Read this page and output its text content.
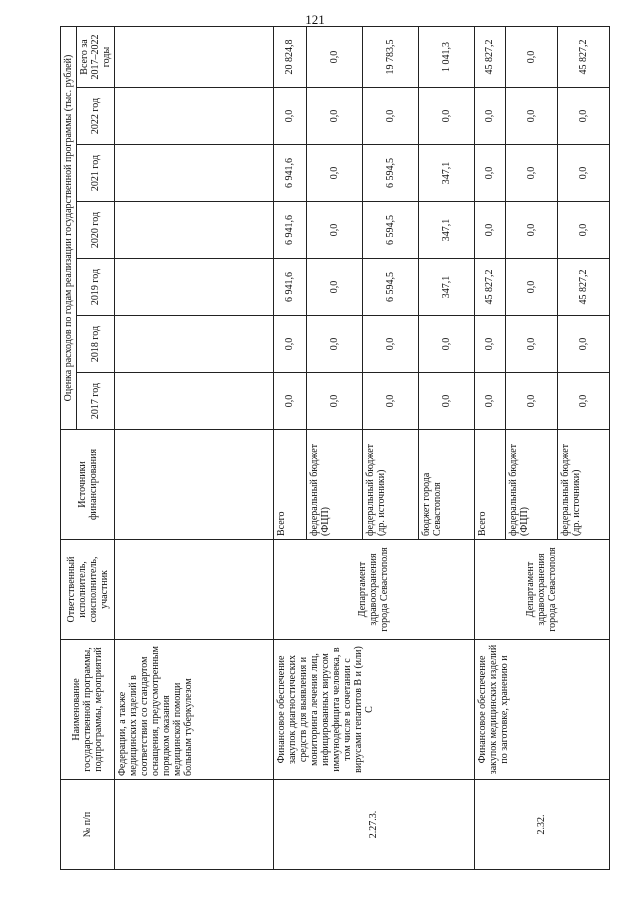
121
№ п/п	Наименование государственной программы, подпрограммы, мероприятий	Ответственный исполнитель, соисполнитель, участник	Источники финансирования	Оценка расходов по годам реализации государственной программы (тыс. рублей)						
				2017 год	2018 год	2019 год	2020 год	2021 год	2022 год	Всего за 2017–2022 годы
	Федерации, а также медицинских изделий в соответствии со стандартом оснащения, предусмотренным порядком оказания медицинской помощи больным туберкулезом									
2.27.3.	Финансовое обеспечение закупок диагностических средств для выявления и мониторинга лечения лиц, инфицированных вирусом иммунодефицита человека, в том числе в сочетании с вирусами гепатитов В и (или) С	Департамент здравоохранения города Севастополя	Всего	0,0	0,0	6 941,6	6 941,6	6 941,6	0,0	20 824,8
			федеральный бюджет (ФЦП)	0,0	0,0	0,0	0,0	0,0	0,0	0,0
			федеральный бюджет (др. источники)	0,0	0,0	6 594,5	6 594,5	6 594,5	0,0	19 783,5
			бюджет города Севастополя	0,0	0,0	347,1	347,1	347,1	0,0	1 041,3
2.32.	Финансовое обеспечение закупок медицинских изделий по заготовке, хранению и	Департамент здравоохранения города Севастополя	Всего	0,0	0,0	45 827,2	0,0	0,0	0,0	45 827,2
			федеральный бюджет (ФЦП)	0,0	0,0	0,0	0,0	0,0	0,0	0,0
			федеральный бюджет (др. источники)	0,0	0,0	45 827,2	0,0	0,0	0,0	45 827,2
